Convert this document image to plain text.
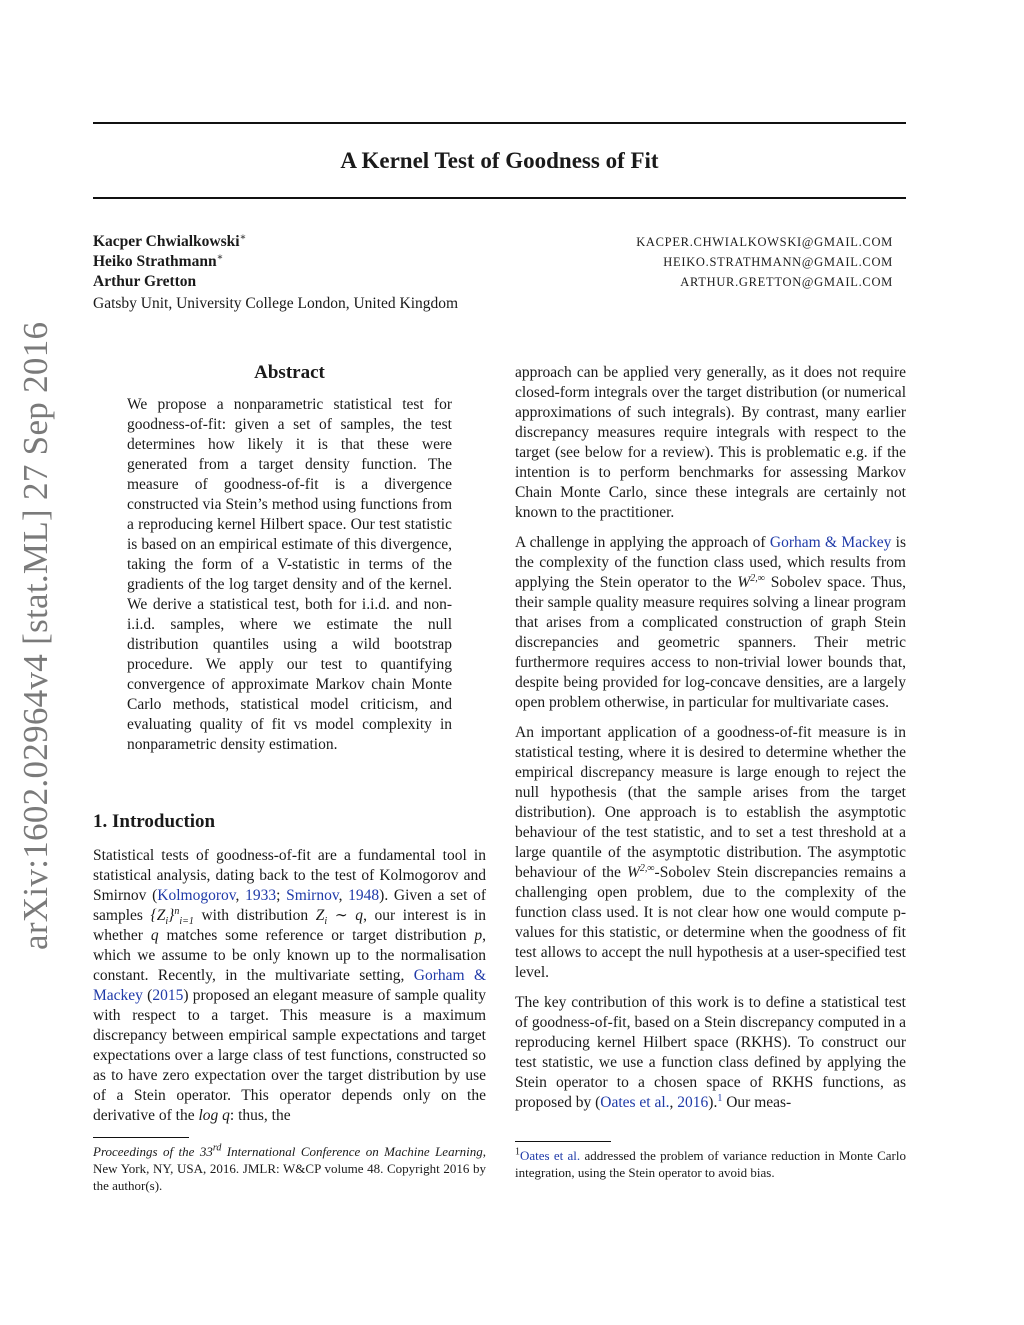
A Kernel Test of Goodness of Fit
Kacper Chwialkowski∗	KACPER.CHWIALKOWSKI@GMAIL.COM
Heiko Strathmann∗	HEIKO.STRATHMANN@GMAIL.COM
Arthur Gretton	ARTHUR.GRETTON@GMAIL.COM
Gatsby Unit, University College London, United Kingdom
arXiv:1602.02964v4 [stat.ML] 27 Sep 2016	Abstract

We propose a nonparametric statistical test for goodness-of-fit: given a set of samples, the test determines how likely it is that these were generated from a target density function. The measure of goodness-of-fit is a divergence constructed via Stein’s method using functions from a reproducing kernel Hilbert space. Our test statistic is based on an empirical estimate of this divergence, taking the form of a V-statistic in terms of the gradients of the log target density and of the kernel. We derive a statistical test, both for i.i.d. and non-i.i.d. samples, where we estimate the null distribution quantiles using a wild bootstrap procedure. We apply our test to quantifying convergence of approximate Markov chain Monte Carlo methods, statistical model criticism, and evaluating quality of fit vs model complexity in nonparametric density estimation.

1. Introduction

Statistical tests of goodness-of-fit are a fundamental tool in statistical analysis, dating back to the test of Kolmogorov and Smirnov (Kolmogorov, 1933; Smirnov, 1948). Given a set of samples $\{Z_i\}^n_{i=1}$ with distribution $Z_i$ ∼ q, our interest is in whether q matches some reference or target distribution p, which we assume to be only known up to the normalisation constant. Recently, in the multivariate setting, Gorham & Mackey (2015) proposed an elegant measure of sample quality with respect to a target. This measure is a maximum discrepancy between empirical sample expectations and target expectations over a large class of test functions, constructed so as to have zero expectation over the target distribution by use of a Stein operator. This operator depends only on the derivative of the log q: thus, the

Proceedings of the 33rd International Conference on Machine Learning, New York, NY, USA, 2016. JMLR: W&CP volume 48. Copyright 2016 by the author(s).

approach can be applied very generally, as it does not require closed-form integrals over the target distribution (or numerical approximations of such integrals). By contrast, many earlier discrepancy measures require integrals with respect to the target (see below for a review). This is problematic e.g. if the intention is to perform benchmarks for assessing Markov Chain Monte Carlo, since these integrals are certainly not known to the practitioner.

A challenge in applying the approach of Gorham & Mackey is the complexity of the function class used, which results from applying the Stein operator to the $W^{2,\infty}$ Sobolev space. Thus, their sample quality measure requires solving a linear program that arises from a complicated construction of graph Stein discrepancies and geometric spanners. Their metric furthermore requires access to non-trivial lower bounds that, despite being provided for log-concave densities, are a largely open problem otherwise, in particular for multivariate cases.

An important application of a goodness-of-fit measure is in statistical testing, where it is desired to determine whether the empirical discrepancy measure is large enough to reject the null hypothesis (that the sample arises from the target distribution). One approach is to establish the asymptotic behaviour of the test statistic, and to set a test threshold at a large quantile of the asymptotic distribution. The asymptotic behaviour of the $W^{2,\infty}$-Sobolev Stein discrepancies remains a challenging open problem, due to the complexity of the function class used. It is not clear how one would compute p-values for this statistic, or determine when the goodness of fit test allows to accept the null hypothesis at a user-specified test level.

The key contribution of this work is to define a statistical test of goodness-of-fit, based on a Stein discrepancy computed in a reproducing kernel Hilbert space (RKHS). To construct our test statistic, we use a function class defined by applying the Stein operator to a chosen space of RKHS functions, as proposed by (Oates et al., 2016).$^1$ Our meas-

$^1$Oates et al. addressed the problem of variance reduction in Monte Carlo integration, using the Stein operator to avoid bias.
